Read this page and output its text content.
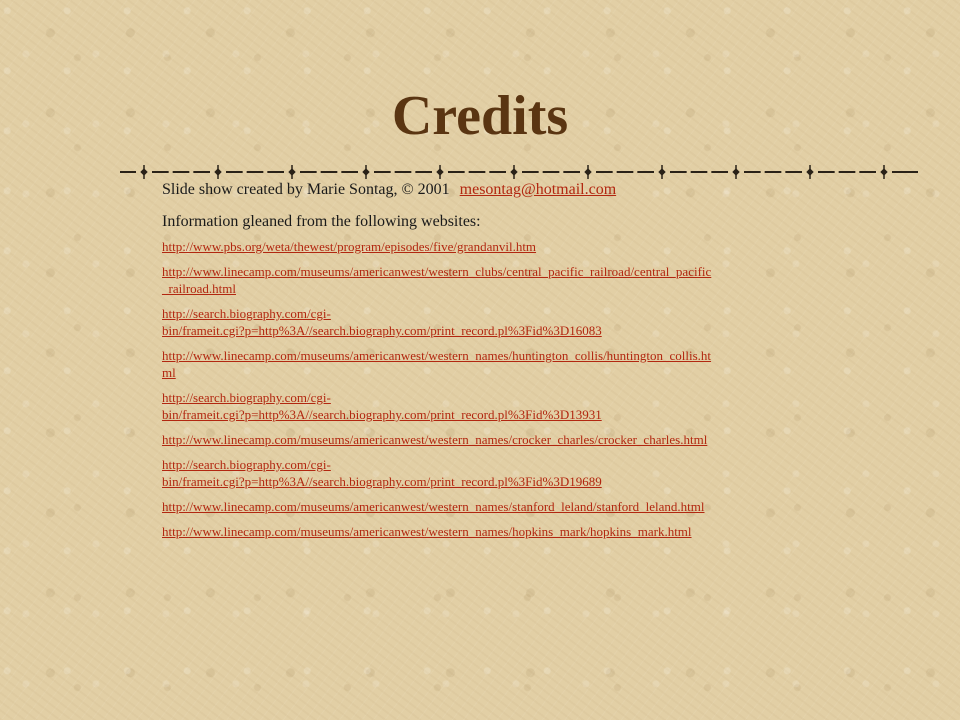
Credits
Slide show created by Marie Sontag, © 2001 mesontag@hotmail.com
Information gleaned from the following websites:
http://www.pbs.org/weta/thewest/program/episodes/five/grandanvil.htm
http://www.linecamp.com/museums/americanwest/western_clubs/central_pacific_railroad/central_pacific
_railroad.html
http://search.biography.com/cgi-
bin/frameit.cgi?p=http%3A//search.biography.com/print_record.pl%3Fid%3D16083
http://www.linecamp.com/museums/americanwest/western_names/huntington_collis/huntington_collis.ht
ml
http://search.biography.com/cgi-
bin/frameit.cgi?p=http%3A//search.biography.com/print_record.pl%3Fid%3D13931
http://www.linecamp.com/museums/americanwest/western_names/crocker_charles/crocker_charles.html
http://search.biography.com/cgi-
bin/frameit.cgi?p=http%3A//search.biography.com/print_record.pl%3Fid%3D19689
http://www.linecamp.com/museums/americanwest/western_names/stanford_leland/stanford_leland.html
http://www.linecamp.com/museums/americanwest/western_names/hopkins_mark/hopkins_mark.html
